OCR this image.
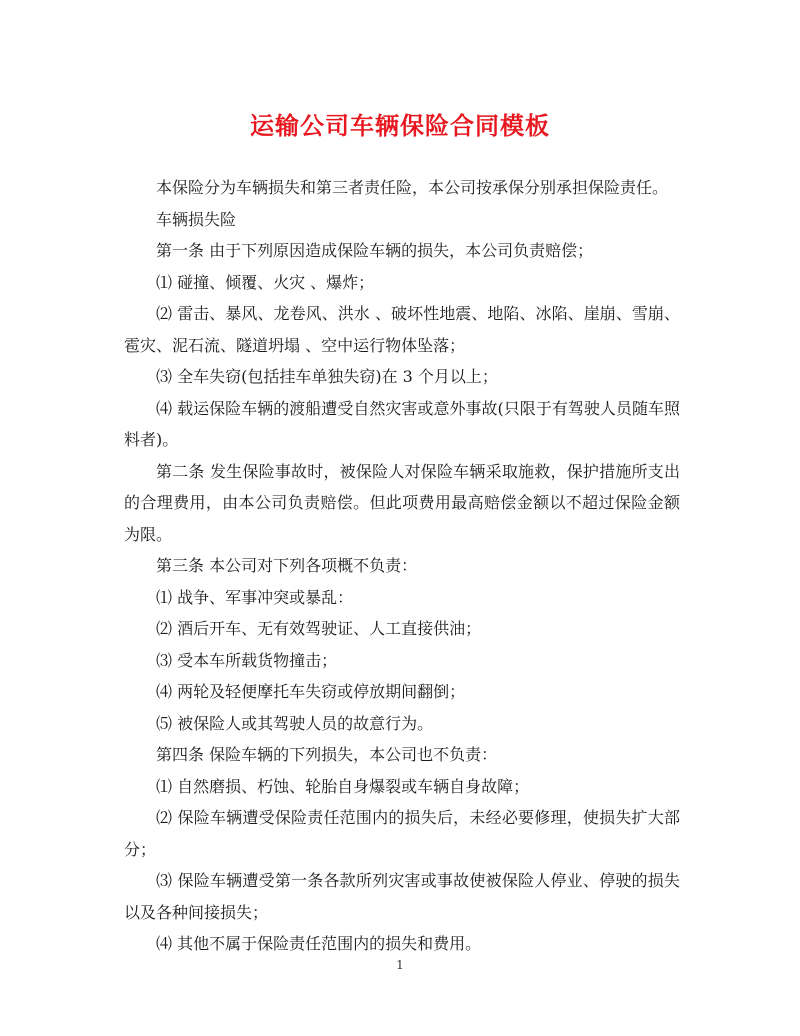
运输公司车辆保险合同模板

本保险分为车辆损失和第三者责任险，本公司按承保分别承担保险责任。

车辆损失险

第一条 由于下列原因造成保险车辆的损失，本公司负责赔偿；

⑴ 碰撞、倾覆、火灾 、爆炸；

⑵ 雷击、暴风、龙卷风、洪水 、破坏性地震、地陷、冰陷、崖崩、雪崩、雹灾、泥石流、隧道坍塌 、空中运行物体坠落；

⑶ 全车失窃(包括挂车单独失窃)在 3 个月以上；

⑷ 载运保险车辆的渡船遭受自然灾害或意外事故(只限于有驾驶人员随车照料者)。

第二条 发生保险事故时，被保险人对保险车辆采取施救，保护措施所支出的合理费用，由本公司负责赔偿。但此项费用最高赔偿金额以不超过保险金额为限。

第三条 本公司对下列各项概不负责：

⑴ 战争、军事冲突或暴乱：

⑵ 酒后开车、无有效驾驶证、人工直接供油；

⑶ 受本车所载货物撞击；

⑷ 两轮及轻便摩托车失窃或停放期间翻倒；

⑸ 被保险人或其驾驶人员的故意行为。

第四条 保险车辆的下列损失，本公司也不负责：

⑴ 自然磨损、朽蚀、轮胎自身爆裂或车辆自身故障；

⑵ 保险车辆遭受保险责任范围内的损失后，未经必要修理，使损失扩大部分；

⑶ 保险车辆遭受第一条各款所列灾害或事故使被保险人停业、停驶的损失以及各种间接损失；

⑷ 其他不属于保险责任范围内的损失和费用。

1
